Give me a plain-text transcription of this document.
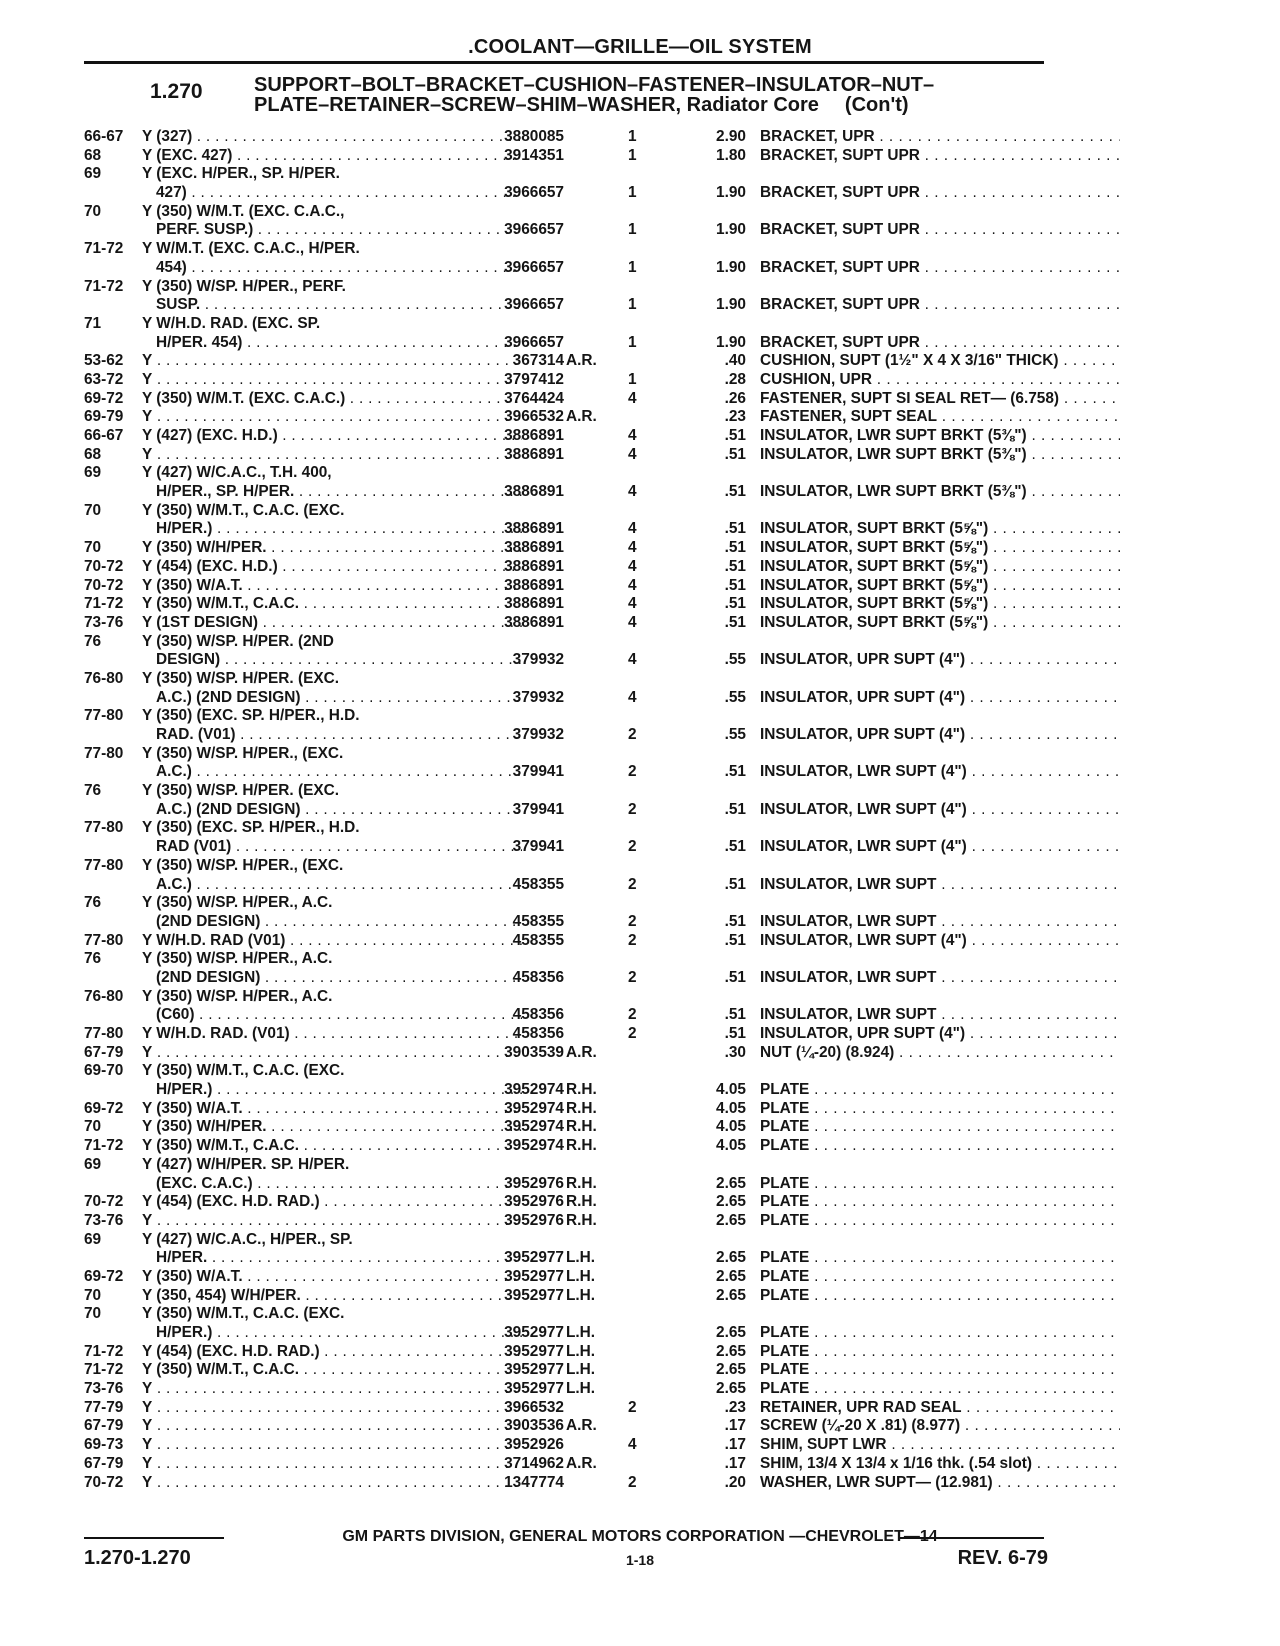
.COOLANT—GRILLE—OIL SYSTEM
1.270	SUPPORT–BOLT–BRACKET–CUSHION–FASTENER–INSULATOR–NUT–
PLATE–RETAINER–SCREW–SHIM–WASHER, Radiator Core (Con't)
66-67	Y (327) . . .	3880085	1	2.90 BRACKET, UPR . . .
68	Y (EXC. 427) . . .	3914351	1	1.80 BRACKET, SUPT UPR . . .
69	Y (EXC. H/PER., SP. H/PER.
427) . . .	3966657	1	1.90 BRACKET, SUPT UPR . . .
70	Y (350) W/M.T. (EXC. C.A.C.,
PERF. SUSP.) . . .	3966657	1	1.90 BRACKET, SUPT UPR . . .
71-72	Y W/M.T. (EXC. C.A.C., H/PER.
454) . . .	3966657	1	1.90 BRACKET, SUPT UPR . . .
71-72	Y (350) W/SP. H/PER., PERF.
SUSP. . . .	3966657	1	1.90 BRACKET, SUPT UPR . . .
71	Y W/H.D. RAD. (EXC. SP.
H/PER. 454) . . .	3966657	1	1.90 BRACKET, SUPT UPR . . .
53-62	Y . . .	367314 A.R.	.40 CUSHION, SUPT (1½" X 4 X 3/16" THICK) . . .
63-72	Y . . .	3797412	1	.28 CUSHION, UPR . . .
69-72	Y (350) W/M.T. (EXC. C.A.C.) . . .	3764424	4	.26 FASTENER, SUPT SI SEAL RET— (6.758) . . .
69-79	Y . . .	3966532 A.R.	.23 FASTENER, SUPT SEAL . . .
66-67	Y (427) (EXC. H.D.) . . .	3886891	4	.51 INSULATOR, LWR SUPT BRKT (5⅜") . . .
68	Y . . .	3886891	4	.51 INSULATOR, LWR SUPT BRKT (5⅜") . . .
69	Y (427) W/C.A.C., T.H. 400,
H/PER., SP. H/PER. . . .	3886891	4	.51 INSULATOR, LWR SUPT BRKT (5⅜") . . .
70	Y (350) W/M.T., C.A.C. (EXC.
H/PER.) . . .	3886891	4	.51 INSULATOR, SUPT BRKT (5⅝") . . .
70	Y (350) W/H/PER. . . .	3886891	4	.51 INSULATOR, SUPT BRKT (5⅝") . . .
70-72	Y (454) (EXC. H.D.) . . .	3886891	4	.51 INSULATOR, SUPT BRKT (5⅝") . . .
70-72	Y (350) W/A.T. . . .	3886891	4	.51 INSULATOR, SUPT BRKT (5⅝") . . .
71-72	Y (350) W/M.T., C.A.C. . . .	3886891	4	.51 INSULATOR, SUPT BRKT (5⅝") . . .
73-76	Y (1ST DESIGN) . . .	3886891	4	.51 INSULATOR, SUPT BRKT (5⅝") . . .
76	Y (350) W/SP. H/PER. (2ND
DESIGN) . . .	379932	4	.55 INSULATOR, UPR SUPT (4") . . .
76-80	Y (350) W/SP. H/PER. (EXC.
A.C.) (2ND DESIGN) . . .	379932	4	.55 INSULATOR, UPR SUPT (4") . . .
77-80	Y (350) (EXC. SP. H/PER., H.D.
RAD. (V01) . . .	379932	2	.55 INSULATOR, UPR SUPT (4") . . .
77-80	Y (350) W/SP. H/PER., (EXC.
A.C.) . . .	379941	2	.51 INSULATOR, LWR SUPT (4") . . .
76	Y (350) W/SP. H/PER. (EXC.
A.C.) (2ND DESIGN) . . .	379941	2	.51 INSULATOR, LWR SUPT (4") . . .
77-80	Y (350) (EXC. SP. H/PER., H.D.
RAD (V01) . . .	379941	2	.51 INSULATOR, LWR SUPT (4") . . .
77-80	Y (350) W/SP. H/PER., (EXC.
A.C.) . . .	458355	2	.51 INSULATOR, LWR SUPT . . .
76	Y (350) W/SP. H/PER., A.C.
(2ND DESIGN) . . .	458355	2	.51 INSULATOR, LWR SUPT . . .
77-80	Y W/H.D. RAD (V01) . . .	458355	2	.51 INSULATOR, LWR SUPT (4") . . .
76	Y (350) W/SP. H/PER., A.C.
(2ND DESIGN) . . .	458356	2	.51 INSULATOR, LWR SUPT . . .
76-80	Y (350) W/SP. H/PER., A.C.
(C60) . . .	458356	2	.51 INSULATOR, LWR SUPT . . .
77-80	Y W/H.D. RAD. (V01) . . .	458356	2	.51 INSULATOR, UPR SUPT (4") . . .
67-79	Y . . .	3903539 A.R.	.30 NUT (¼-20) (8.924) . . .
69-70	Y (350) W/M.T., C.A.C. (EXC.
H/PER.) . . .	3952974 R.H.	4.05 PLATE . . .
69-72	Y (350) W/A.T. . . .	3952974 R.H.	4.05 PLATE . . .
70	Y (350) W/H/PER. . . .	3952974 R.H.	4.05 PLATE . . .
71-72	Y (350) W/M.T., C.A.C. . . .	3952974 R.H.	4.05 PLATE . . .
69	Y (427) W/H/PER. SP. H/PER.
(EXC. C.A.C.) . . .	3952976 R.H.	2.65 PLATE . . .
70-72	Y (454) (EXC. H.D. RAD.) . . .	3952976 R.H.	2.65 PLATE . . .
73-76	Y . . .	3952976 R.H.	2.65 PLATE . . .
69	Y (427) W/C.A.C., H/PER., SP.
H/PER. . . .	3952977 L.H.	2.65 PLATE . . .
69-72	Y (350) W/A.T. . . .	3952977 L.H.	2.65 PLATE . . .
70	Y (350, 454) W/H/PER. . . .	3952977 L.H.	2.65 PLATE . . .
70	Y (350) W/M.T., C.A.C. (EXC.
H/PER.) . . .	3952977 L.H.	2.65 PLATE . . .
71-72	Y (454) (EXC. H.D. RAD.) . . .	3952977 L.H.	2.65 PLATE . . .
71-72	Y (350) W/M.T., C.A.C. . . .	3952977 L.H.	2.65 PLATE . . .
73-76	Y . . .	3952977 L.H.	2.65 PLATE . . .
77-79	Y . . .	3966532	2	.23 RETAINER, UPR RAD SEAL . . .
67-79	Y . . .	3903536 A.R.	.17 SCREW (¼-20 X .81) (8.977) . . .
69-73	Y . . .	3952926	4	.17 SHIM, SUPT LWR . . .
67-79	Y . . .	3714962 A.R.	.17 SHIM, 13/4 X 13/4 x 1/16 thk. (.54 slot) . . .
70-72	Y . . .	1347774	2	.20 WASHER, LWR SUPT— (12.981) . . .
GM PARTS DIVISION, GENERAL MOTORS CORPORATION —CHEVROLET—14
1.270-1.270	1-18	REV. 6-79
